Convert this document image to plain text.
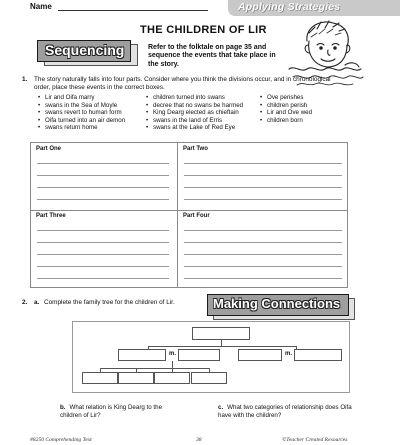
Name	Applying Strategies
THE CHILDREN OF LIR
Sequencing	Refer to the folktale on page 35 and sequence the events that take place in the story.
1. The story naturally falls into four parts. Consider where you think the divisions occur, and in chronological order, place these events in the correct boxes.
• Lir and Oifa marry
• swans in the Sea of Moyle
• swans revert to human form
• Oifa turned into an air demon
• swans return home
• children turned into swans
• decree that no swans be harmed
• King Dearg elected as chieftain
• swans in the land of Erris
• swans at the Lake of Red Eye
• Ove perishes
• children perish
• Lir and Ove wed
• children born
Part One	Part Two
Part Three	Part Four
2. a. Complete the family tree for the children of Lir.	Making Connections
m.	m.
b. What relation is King Dearg to the children of Lir?
c. What two categories of relationship does Oifa have with the children?
#8250 Comprehending Text	38	©Teacher Created Resources
